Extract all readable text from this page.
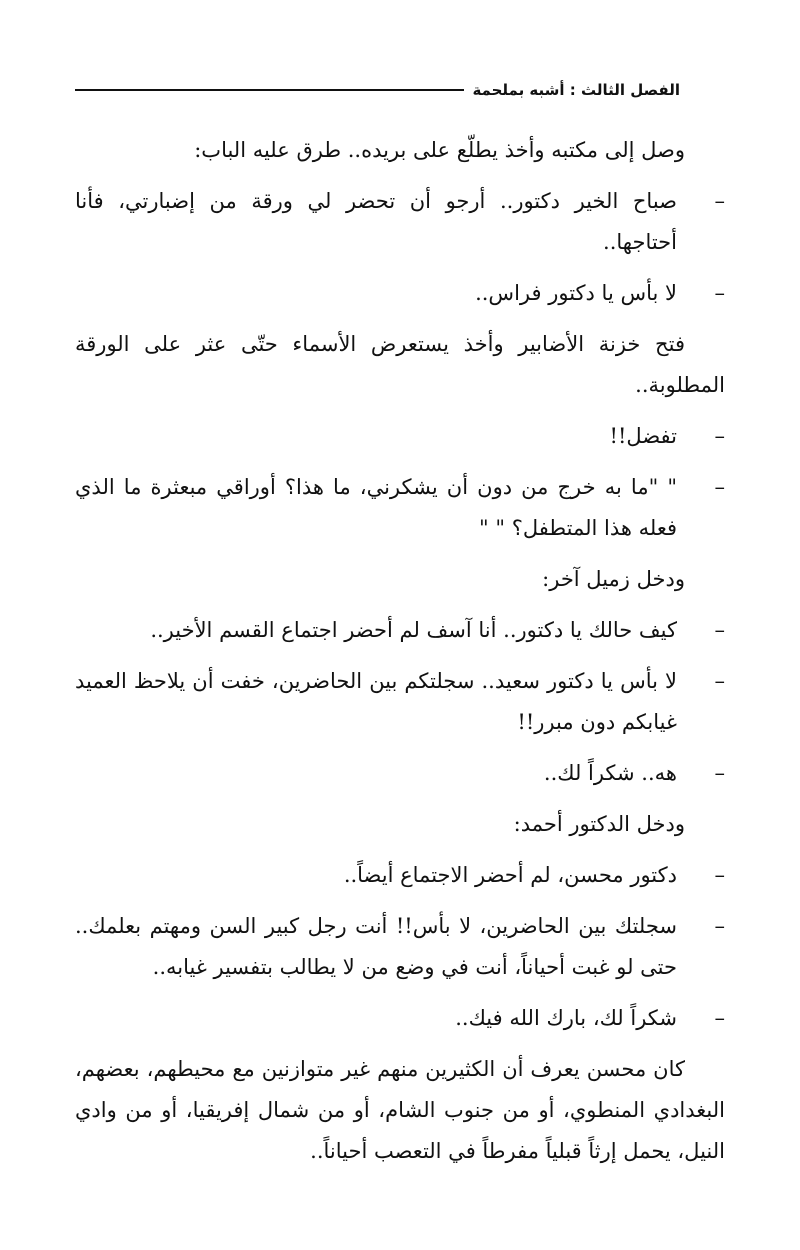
الفصل الثالث : أشبه بملحمة

وصل إلى مكتبه وأخذ يطلّع على بريده.. طرق عليه الباب:

–
صباح الخير دكتور.. أرجو أن تحضر لي ورقة من إضبارتي، فأنا أحتاجها..
–
لا بأس يا دكتور فراس..

فتح خزنة الأضابير وأخذ يستعرض الأسماء حتّى عثر على الورقة المطلوبة..

–
تفضل!!
–
" "ما به خرج من دون أن يشكرني، ما هذا؟ أوراقي مبعثرة ما الذي فعله هذا المتطفل؟ " "

ودخل زميل آخر:

–
كيف حالك يا دكتور.. أنا آسف لم أحضر اجتماع القسم الأخير..
–
لا بأس يا دكتور سعيد.. سجلتكم بين الحاضرين، خفت أن يلاحظ العميد غيابكم دون مبرر!!
–
هه.. شكراً لك..

ودخل الدكتور أحمد:

–
دكتور محسن، لم أحضر الاجتماع أيضاً..
–
سجلتك بين الحاضرين، لا بأس!! أنت رجل كبير السن ومهتم بعلمك.. حتى لو غبت أحياناً، أنت في وضع من لا يطالب بتفسير غيابه..
–
شكراً لك، بارك الله فيك..

كان محسن يعرف أن الكثيرين منهم غير متوازنين مع محيطهم، بعضهم، البغدادي المنطوي، أو من جنوب الشام، أو من شمال إفريقيا، أو من وادي النيل، يحمل إرثاً قبلياً مفرطاً في التعصب أحياناً..
